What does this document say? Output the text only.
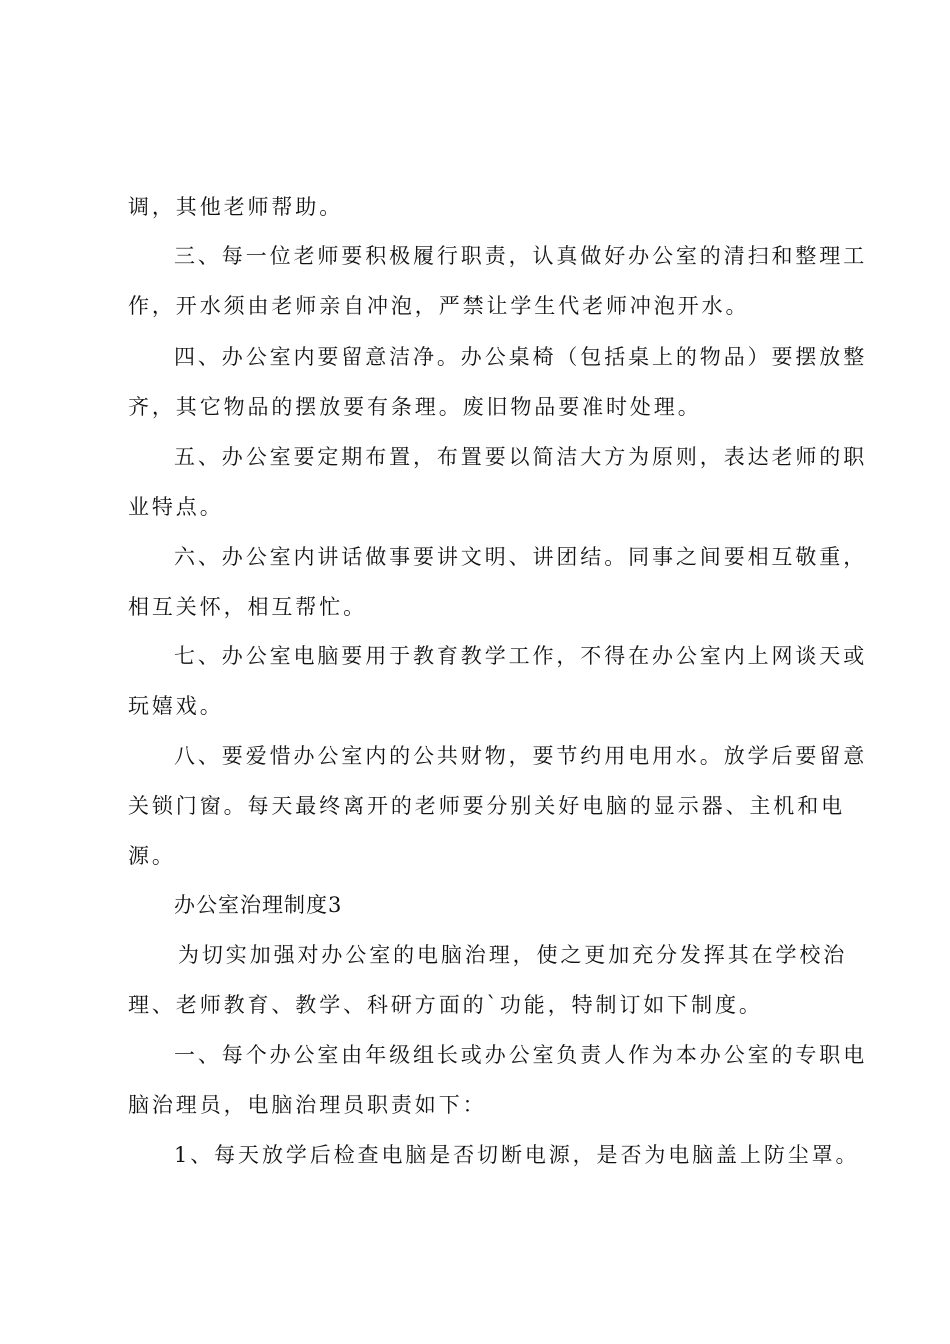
调，其他老师帮助。
三、每一位老师要积极履行职责，认真做好办公室的清扫和整理工
作，开水须由老师亲自冲泡，严禁让学生代老师冲泡开水。
四、办公室内要留意洁净。办公桌椅（包括桌上的物品）要摆放整
齐，其它物品的摆放要有条理。废旧物品要准时处理。
五、办公室要定期布置，布置要以简洁大方为原则，表达老师的职
业特点。
六、办公室内讲话做事要讲文明、讲团结。同事之间要相互敬重，
相互关怀，相互帮忙。
七、办公室电脑要用于教育教学工作，不得在办公室内上网谈天或
玩嬉戏。
八、要爱惜办公室内的公共财物，要节约用电用水。放学后要留意
关锁门窗。每天最终离开的老师要分别关好电脑的显示器、主机和电
源。
办公室治理制度3
为切实加强对办公室的电脑治理，使之更加充分发挥其在学校治
理、老师教育、教学、科研方面的`功能，特制订如下制度。
一、每个办公室由年级组长或办公室负责人作为本办公室的专职电
脑治理员，电脑治理员职责如下：
1、每天放学后检查电脑是否切断电源，是否为电脑盖上防尘罩。
